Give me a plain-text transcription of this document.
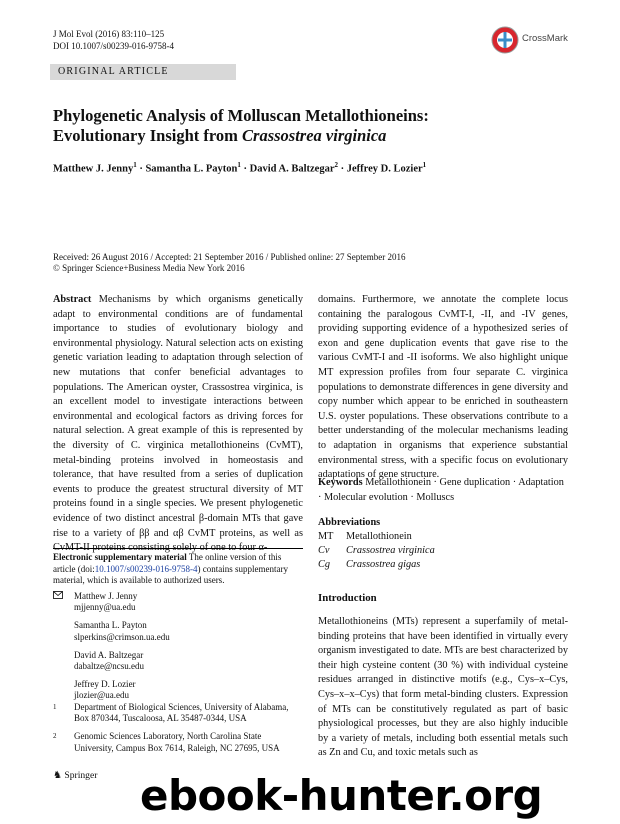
J Mol Evol (2016) 83:110–125
DOI 10.1007/s00239-016-9758-4
CrossMark
ORIGINAL ARTICLE
Phylogenetic Analysis of Molluscan Metallothioneins:
Evolutionary Insight from Crassostrea virginica
Matthew J. Jenny$^1$ · Samantha L. Payton$^1$ · David A. Baltzegar$^2$ · Jeffrey D. Lozier$^1$
Received: 26 August 2016 / Accepted: 21 September 2016 / Published online: 27 September 2016
© Springer Science+Business Media New York 2016
Abstract Mechanisms by which organisms genetically adapt to environmental conditions are of fundamental importance to studies of evolutionary biology and environmental physiology. Natural selection acts on existing genetic variation leading to adaptation through selection of new mutations that confer beneficial advantages to populations. The American oyster, Crassostrea virginica, is an excellent model to investigate interactions between environmental and ecological factors as driving forces for natural selection. A great example of this is represented by the diversity of C. virginica metallothioneins (CvMT), metal-binding proteins involved in homeostasis and tolerance, that have resulted from a series of duplication events to produce the greatest structural diversity of MT proteins found in a single species. We present phylogenetic evidence of two distinct ancestral β-domain MTs that gave rise to a variety of ββ and αβ CvMT proteins, as well as CvMT-II proteins consisting solely of one to four α-
domains. Furthermore, we annotate the complete locus containing the paralogous CvMT-I, -II, and -IV genes, providing supporting evidence of a hypothesized series of exon and gene duplication events that gave rise to the various CvMT-I and -II isoforms. We also highlight unique MT expression profiles from four separate C. virginica populations to demonstrate differences in gene diversity and copy number which appear to be enriched in southeastern U.S. oyster populations. These observations contribute to a better understanding of the molecular mechanisms leading to adaptation in organisms that experience substantial environmental stress, with a specific focus on evolutionary adaptations of gene structure.
Keywords Metallothionein · Gene duplication · Adaptation · Molecular evolution · Molluscs
Abbreviations
MT	Metallothionein
Cv	Crassostrea virginica
Cg	Crassostrea gigas
Introduction
Metallothioneins (MTs) represent a superfamily of metal-binding proteins that have been identified in virtually every organism investigated to date. MTs are best characterized by their high cysteine content (30 %) with individual cysteine residues arranged in distinctive motifs (e.g., Cys–x–Cys, Cys–x–x–Cys) that form metal-binding clusters. Expression of MTs can be constitutively regulated as part of basic physiological processes, but they are also highly inducible by a variety of metals, including both essential metals such as Zn and Cu, and toxic metals such as
Electronic supplementary material The online version of this article (doi:10.1007/s00239-016-9758-4) contains supplementary material, which is available to authorized users.
Matthew J. Jenny
mjjenny@ua.edu
Samantha L. Payton
slperkins@crimson.ua.edu
David A. Baltzegar
dabaltze@ncsu.edu
Jeffrey D. Lozier
jlozier@ua.edu
1	Department of Biological Sciences, University of Alabama, Box 870344, Tuscaloosa, AL 35487-0344, USA
2	Genomic Sciences Laboratory, North Carolina State University, Campus Box 7614, Raleigh, NC 27695, USA
♞ Springer ebook-hunter.org
